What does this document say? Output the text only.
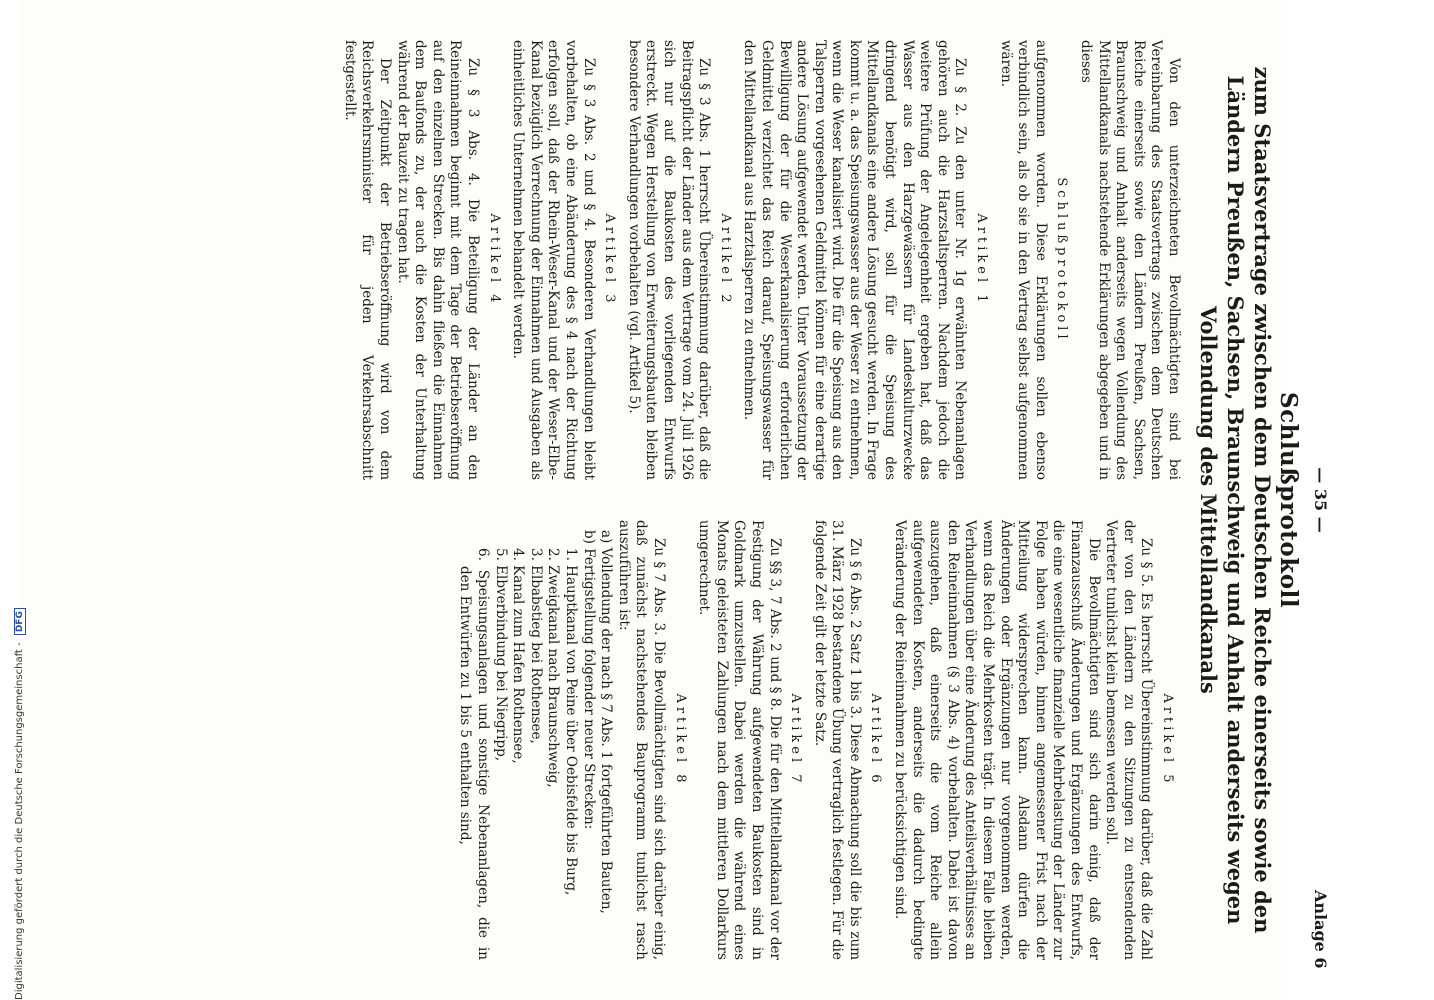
— 35 —
Anlage 6
Schlußprotokoll
zum Staatsvertrage zwischen dem Deutschen Reiche einerseits sowie den Ländern Preußen, Sachsen, Braunschweig und Anhalt anderseits wegen Vollendung des Mittellandkanals

Von den unterzeichneten Bevollmächtigten sind bei Vereinbarung des Staatsvertrags zwischen dem Deutschen Reiche einerseits sowie den Ländern Preußen, Sachsen, Braunschweig und Anhalt anderseits wegen Vollendung des Mittellandkanals nachstehende Erklärungen abgegeben und in dieses

Schlußprotokoll

aufgenommen worden. Diese Erklärungen sollen ebenso verbindlich sein, als ob sie in den Vertrag selbst aufgenommen wären.

Artikel 1

Zu § 2. Zu den unter Nr. 1g erwähnten Nebenanlagen gehören auch die Harzstaltsperren. Nachdem jedoch die weitere Prüfung der Angelegenheit ergeben hat, daß das Wasser aus den Harzgewässern für Landeskulturzwecke dringend benötigt wird, soll für die Speisung des Mittellandkanals eine andere Lösung gesucht werden. In Frage kommt u. a. das Speisungswasser aus der Weser zu entnehmen, wenn die Weser kanalisiert wird. Die für die Speisung aus den Talsperren vorgesehenen Geldmittel können für eine derartige andere Lösung aufgewendet werden. Unter Voraussetzung der Bewilligung der für die Weserkanalisierung erforderlichen Geldmittel verzichtet das Reich darauf, Speisungswasser für den Mittellandkanal aus Harztalsperren zu entnehmen.

Artikel 2

Zu § 3 Abs. 1 herrscht Übereinstimmung darüber, daß die Beitragspflicht der Länder aus dem Vertrage vom 24. Juli 1926 sich nur auf die Baukosten des vorliegenden Entwurfs erstreckt. Wegen Herstellung von Erweiterungsbauten bleiben besondere Verhandlungen vorbehalten (vgl. Artikel 5).

Artikel 3

Zu § 3 Abs. 2 und § 4. Besonderen Verhandlungen bleibt vorbehalten, ob eine Abänderung des § 4 nach der Richtung erfolgen soll, daß der Rhein-Weser-Kanal und der Weser-Elbe-Kanal bezüglich Verrechnung der Einnahmen und Ausgaben als einheitliches Unternehmen behandelt werden.

Artikel 4

Zu § 3 Abs. 4. Die Beteiligung der Länder an den Reineinnahmen beginnt mit dem Tage der Betriebseröffnung auf den einzelnen Strecken. Bis dahin fließen die Einnahmen dem Baufonds zu, der auch die Kosten der Unterhaltung während der Bauzeit zu tragen hat.

Der Zeitpunkt der Betriebseröffnung wird von dem Reichsverkehrsminister für jeden Verkehrsabschnitt festgestellt.

Artikel 5

Zu § 5. Es herrscht Übereinstimmung darüber, daß die Zahl der von den Ländern zu den Sitzungen zu entsendenden Vertreter tunlichst klein bemessen werden soll.

Die Bevollmächtigten sind sich darin einig, daß der Finanzausschuß Änderungen und Ergänzungen des Entwurfs, die eine wesentliche finanzielle Mehrbelastung der Länder zur Folge haben würden, binnen angemessener Frist nach der Mitteilung widersprechen kann. Alsdann dürfen die Änderungen oder Ergänzungen nur vorgenommen werden, wenn das Reich die Mehrkosten trägt. In diesem Falle bleiben Verhandlungen über eine Änderung des Anteilsverhältnisses an den Reineinnahmen (§ 3 Abs. 4) vorbehalten. Dabei ist davon auszugehen, daß einerseits die vom Reiche allein aufgewendeten Kosten, anderseits die dadurch bedingte Veränderung der Reineinnahmen zu berücksichtigen sind.

Artikel 6

Zu § 6 Abs. 2 Satz 1 bis 3. Diese Abmachung soll die bis zum 31. März 1928 bestandene Übung vertraglich festlegen. Für die folgende Zeit gilt der letzte Satz.

Artikel 7

Zu §§ 3, 7 Abs. 2 und § 8. Die für den Mittellandkanal vor der Festigung der Währung aufgewendeten Baukosten sind in Goldmark umzustellen. Dabei werden die während eines Monats geleisteten Zahlungen nach dem mittleren Dollarkurs umgerechnet.

Artikel 8

Zu § 7 Abs. 3. Die Bevollmächtigten sind sich darüber einig, daß zunächst nachstehendes Bauprogramm tunlichst rasch auszuführen ist:

a) Vollendung der nach § 7 Abs. 1 fortgeführten Bauten,
b) Fertigstellung folgender neuer Strecken:
1. Hauptkanal von Peine über Oebisfelde bis Burg,
2. Zweigkanal nach Braunschweig,
3. Elbabstieg bei Rothensee,
4. Kanal zum Hafen Rothensee,
5. Elbverbindung bei Niegripp,
6. Speisungsanlagen und sonstige Nebenanlagen, die in den Entwürfen zu 1 bis 5 enthalten sind,
Digitalisierung gefördert durch die Deutsche Forschungsgemeinschaft - DFG
